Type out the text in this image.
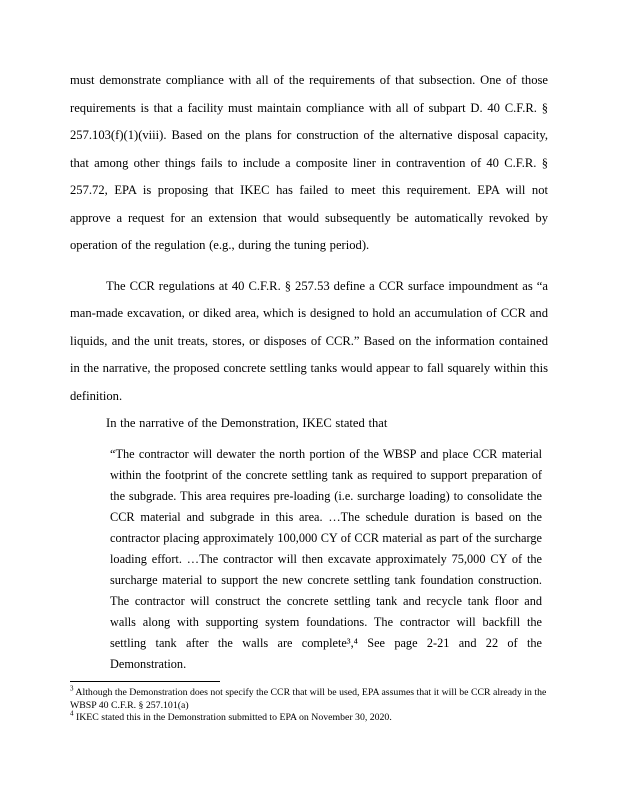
must demonstrate compliance with all of the requirements of that subsection. One of those requirements is that a facility must maintain compliance with all of subpart D. 40 C.F.R. § 257.103(f)(1)(viii). Based on the plans for construction of the alternative disposal capacity, that among other things fails to include a composite liner in contravention of 40 C.F.R. § 257.72, EPA is proposing that IKEC has failed to meet this requirement. EPA will not approve a request for an extension that would subsequently be automatically revoked by operation of the regulation (e.g., during the tuning period).

The CCR regulations at 40 C.F.R. § 257.53 define a CCR surface impoundment as “a man-made excavation, or diked area, which is designed to hold an accumulation of CCR and liquids, and the unit treats, stores, or disposes of CCR.” Based on the information contained in the narrative, the proposed concrete settling tanks would appear to fall squarely within this definition.

In the narrative of the Demonstration, IKEC stated that

“The contractor will dewater the north portion of the WBSP and place CCR material within the footprint of the concrete settling tank as required to support preparation of the subgrade. This area requires pre-loading (i.e. surcharge loading) to consolidate the CCR material and subgrade in this area. …The schedule duration is based on the contractor placing approximately 100,000 CY of CCR material as part of the surcharge loading effort. …The contractor will then excavate approximately 75,000 CY of the surcharge material to support the new concrete settling tank foundation construction. The contractor will construct the concrete settling tank and recycle tank floor and walls along with supporting system foundations. The contractor will backfill the settling tank after the walls are complete³,⁴ See page 2-21 and 22 of the Demonstration.
$^3$ Although the Demonstration does not specify the CCR that will be used, EPA assumes that it will be CCR already in the WBSP 40 C.F.R. § 257.101(a)
$^4$ IKEC stated this in the Demonstration submitted to EPA on November 30, 2020.
